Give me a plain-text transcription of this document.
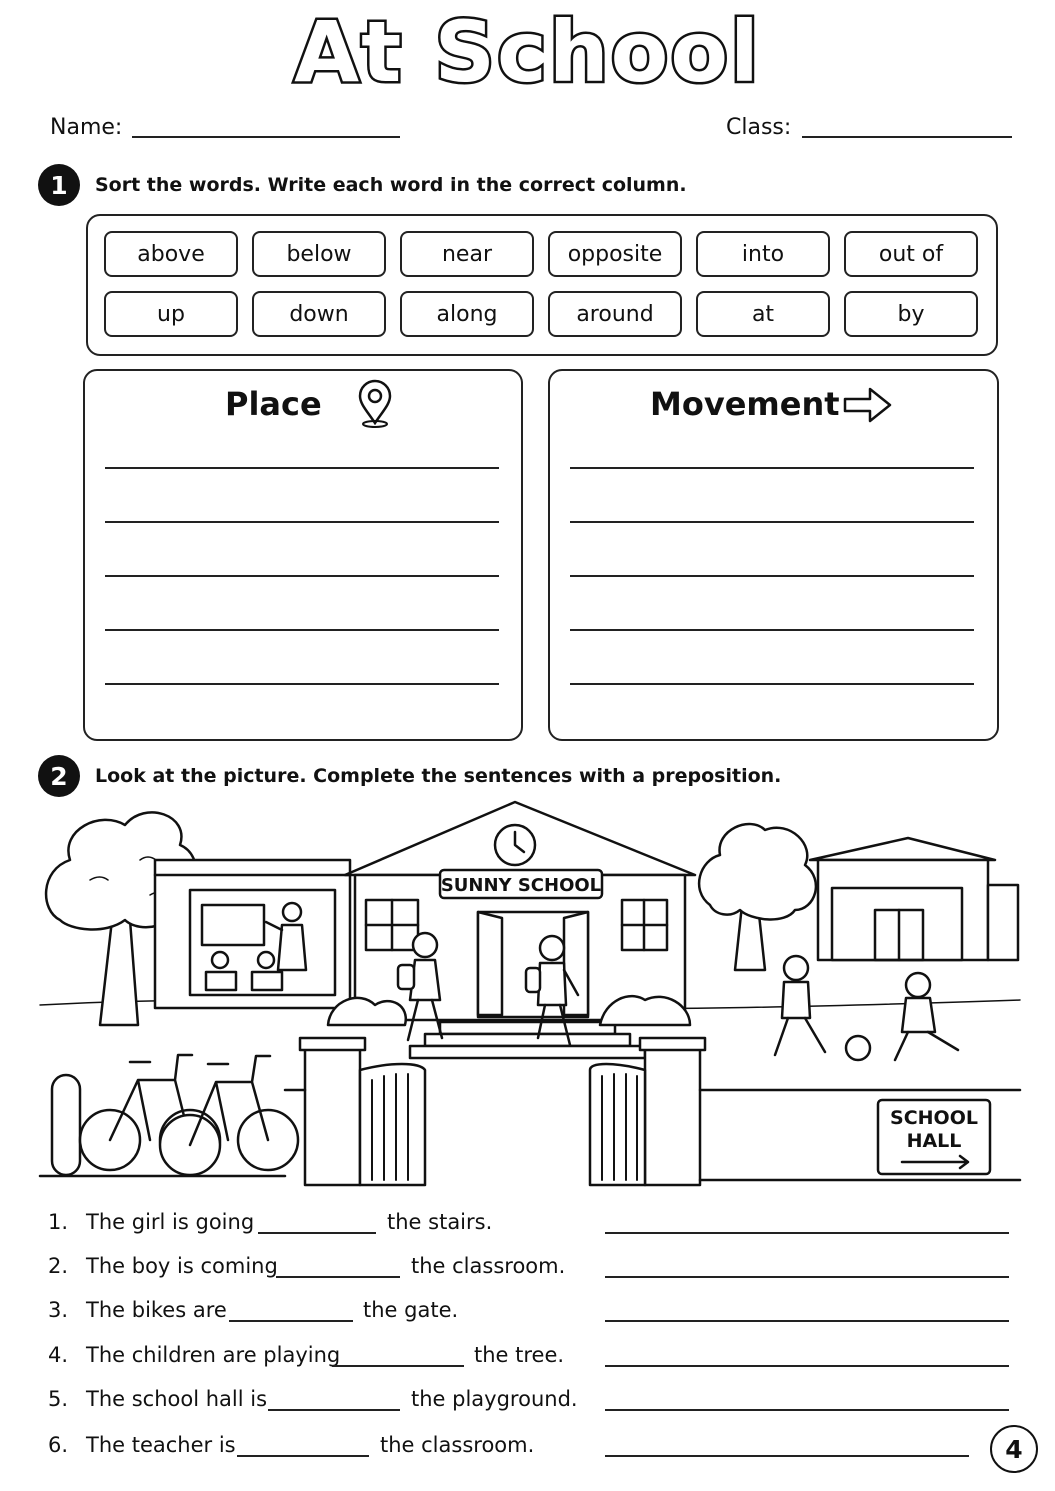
At School
Name:	Class:
1	Sort the words. Write each word in the correct column.
above	below	near	opposite	into	out of
up	down	along	around	at	by
Place	Movement
2	Look at the picture. Complete the sentences with a preposition.
SUNNY SCHOOL
SCHOOL
HALL
1. The girl is going	the stairs.
2. The boy is coming	the classroom.
3. The bikes are	the gate.
4. The children are playing	the tree.
5. The school hall is	the playground.
6. The teacher is	the classroom.	4
